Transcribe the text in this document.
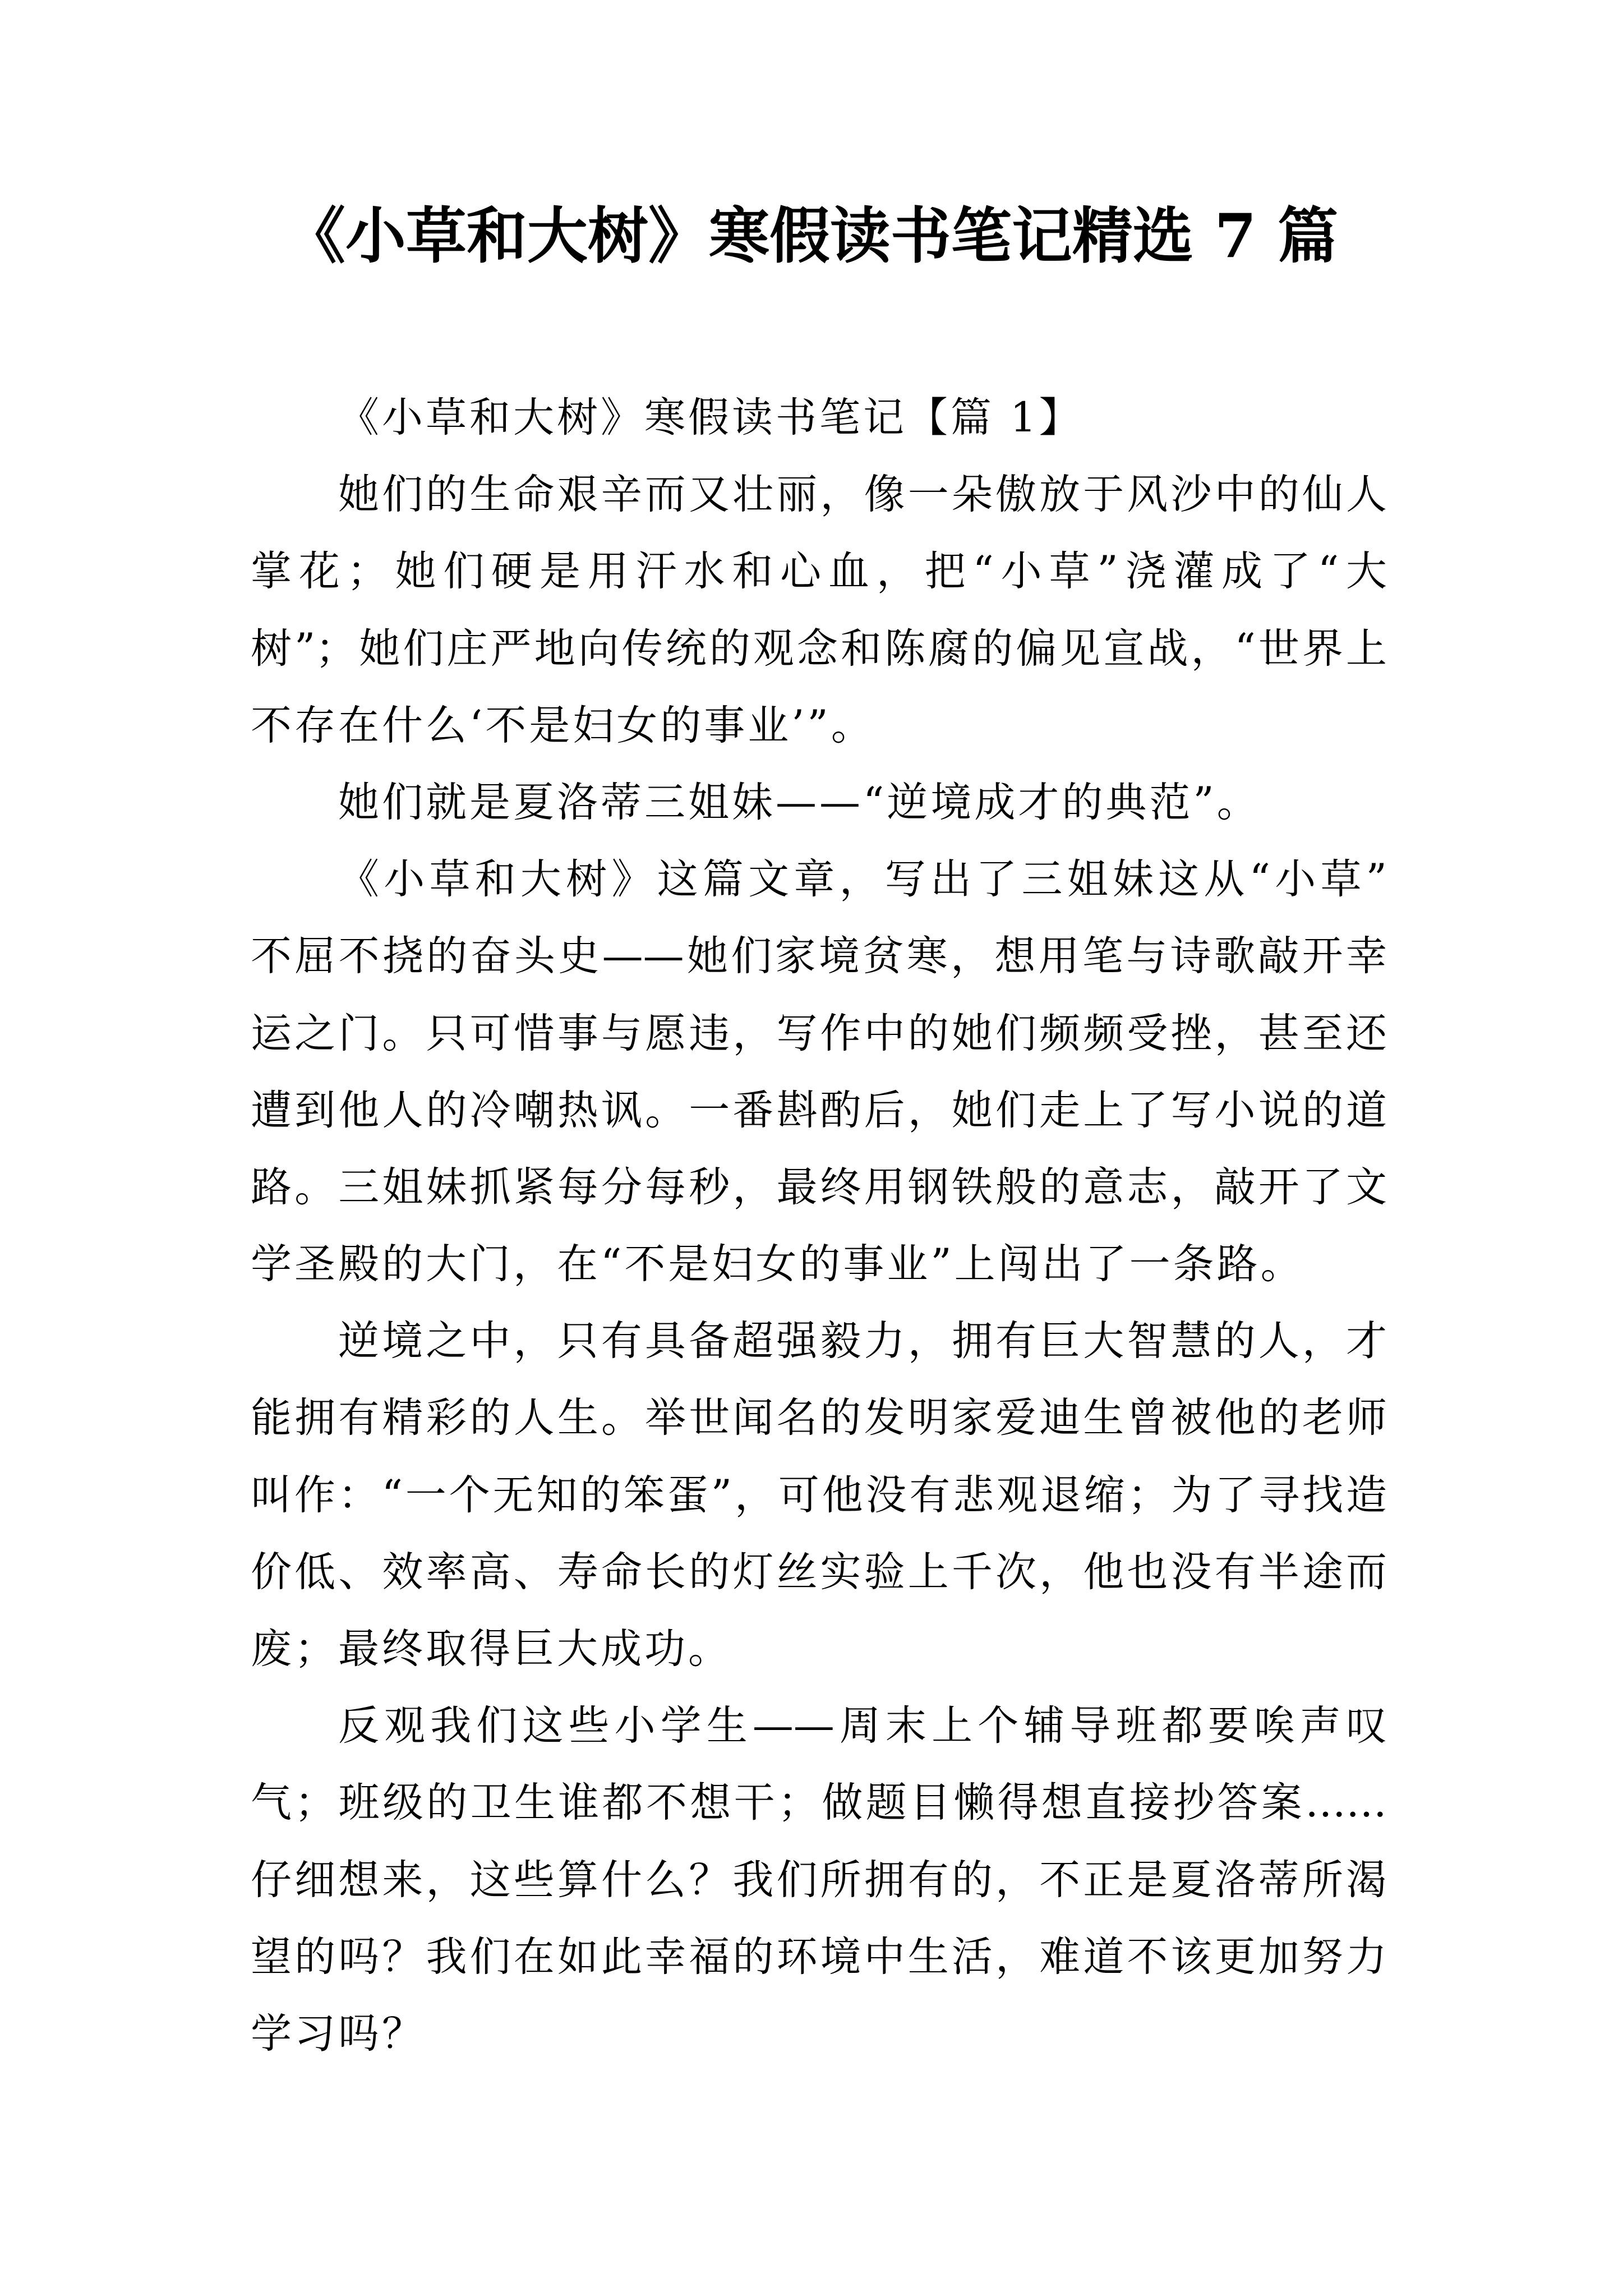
《小草和大树》寒假读书笔记精选 7 篇
《小草和大树》寒假读书笔记【篇 1】
她们的生命艰辛而又壮丽，像一朵傲放于风沙中的仙人
掌花；她们硬是用汗水和心血，把“小草”浇灌成了“大
树”；她们庄严地向传统的观念和陈腐的偏见宣战，“世界上
不存在什么‘不是妇女的事业’”。
她们就是夏洛蒂三姐妹——“逆境成才的典范”。
《小草和大树》这篇文章，写出了三姐妹这从“小草”
不屈不挠的奋头史——她们家境贫寒，想用笔与诗歌敲开幸
运之门。只可惜事与愿违，写作中的她们频频受挫，甚至还
遭到他人的冷嘲热讽。一番斟酌后，她们走上了写小说的道
路。三姐妹抓紧每分每秒，最终用钢铁般的意志，敲开了文
学圣殿的大门，在“不是妇女的事业”上闯出了一条路。
逆境之中，只有具备超强毅力，拥有巨大智慧的人，才
能拥有精彩的人生。举世闻名的发明家爱迪生曾被他的老师
叫作：“一个无知的笨蛋”，可他没有悲观退缩；为了寻找造
价低、效率高、寿命长的灯丝实验上千次，他也没有半途而
废；最终取得巨大成功。
反观我们这些小学生——周末上个辅导班都要唉声叹
气；班级的卫生谁都不想干；做题目懒得想直接抄答案……
仔细想来，这些算什么？我们所拥有的，不正是夏洛蒂所渴
望的吗？我们在如此幸福的环境中生活，难道不该更加努力
学习吗？
